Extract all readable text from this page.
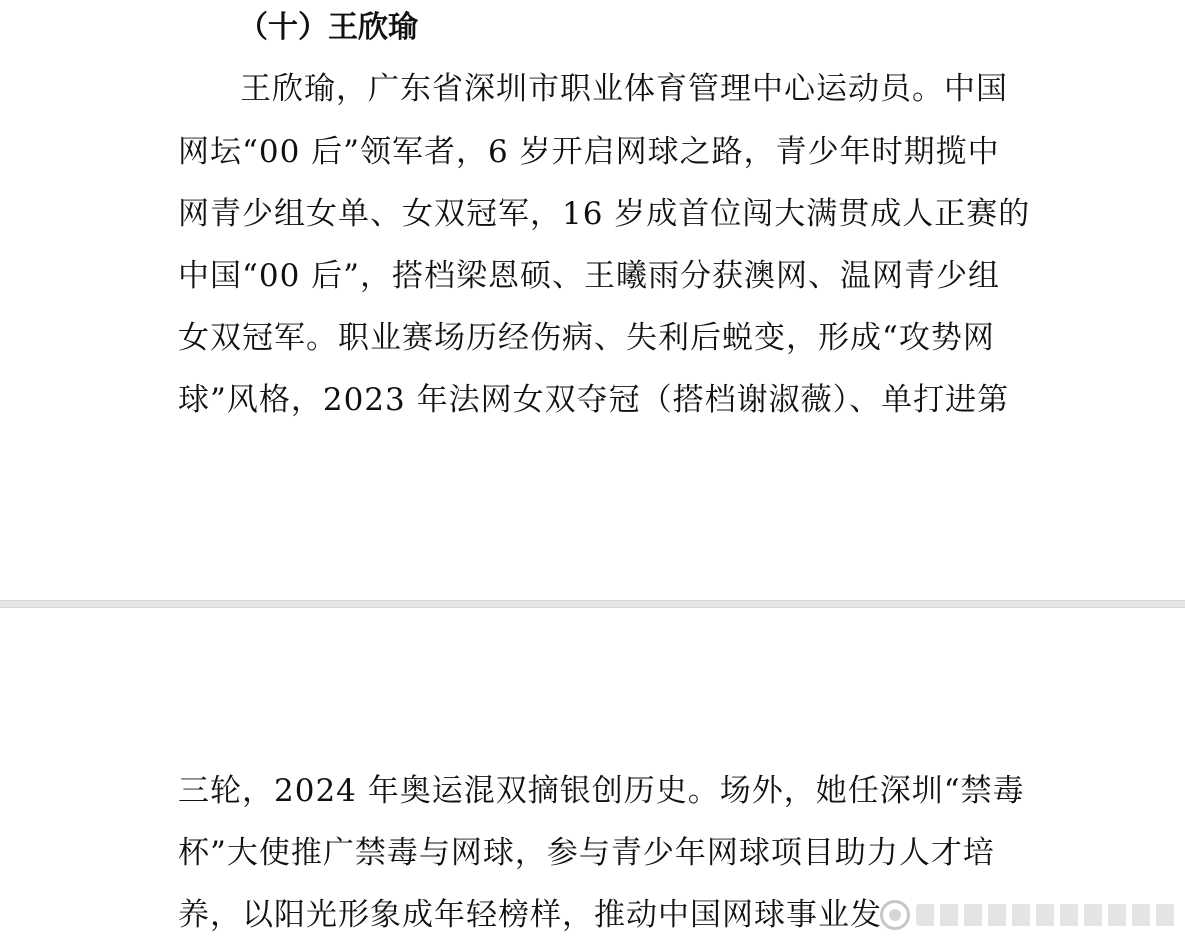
（十）王欣瑜
王欣瑜，广东省深圳市职业体育管理中心运动员。中国
网坛“00 后”领军者，6 岁开启网球之路，青少年时期揽中
网青少组女单、女双冠军，16 岁成首位闯大满贯成人正赛的
中国“00 后”，搭档梁恩硕、王曦雨分获澳网、温网青少组
女双冠军。职业赛场历经伤病、失利后蜕变，形成“攻势网
球”风格，2023 年法网女双夺冠（搭档谢淑薇）、单打进第
三轮，2024 年奥运混双摘银创历史。场外，她任深圳“禁毒
杯”大使推广禁毒与网球，参与青少年网球项目助力人才培
养，以阳光形象成年轻榜样，推动中国网球事业发
